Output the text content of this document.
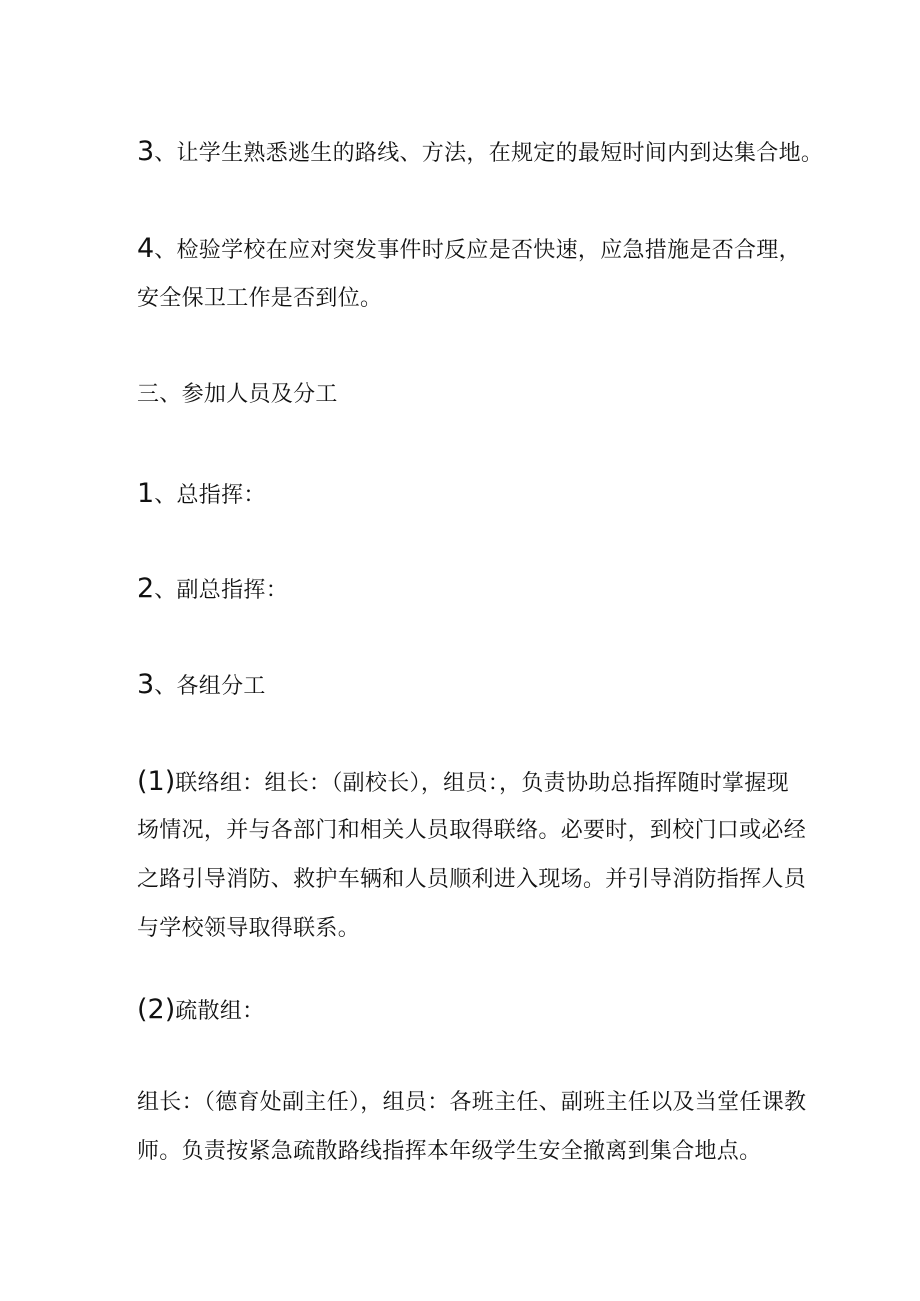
3、让学生熟悉逃生的路线、方法，在规定的最短时间内到达集合地。
4、检验学校在应对突发事件时反应是否快速，应急措施是否合理，
安全保卫工作是否到位。
三、参加人员及分工
1、总指挥：
2、副总指挥：
3、各组分工
(1)联络组：组长：（副校长），组员：，负责协助总指挥随时掌握现
场情况，并与各部门和相关人员取得联络。必要时，到校门口或必经
之路引导消防、救护车辆和人员顺利进入现场。并引导消防指挥人员
与学校领导取得联系。
(2)疏散组：
组长：（德育处副主任），组员：各班主任、副班主任以及当堂任课教
师。负责按紧急疏散路线指挥本年级学生安全撤离到集合地点。
